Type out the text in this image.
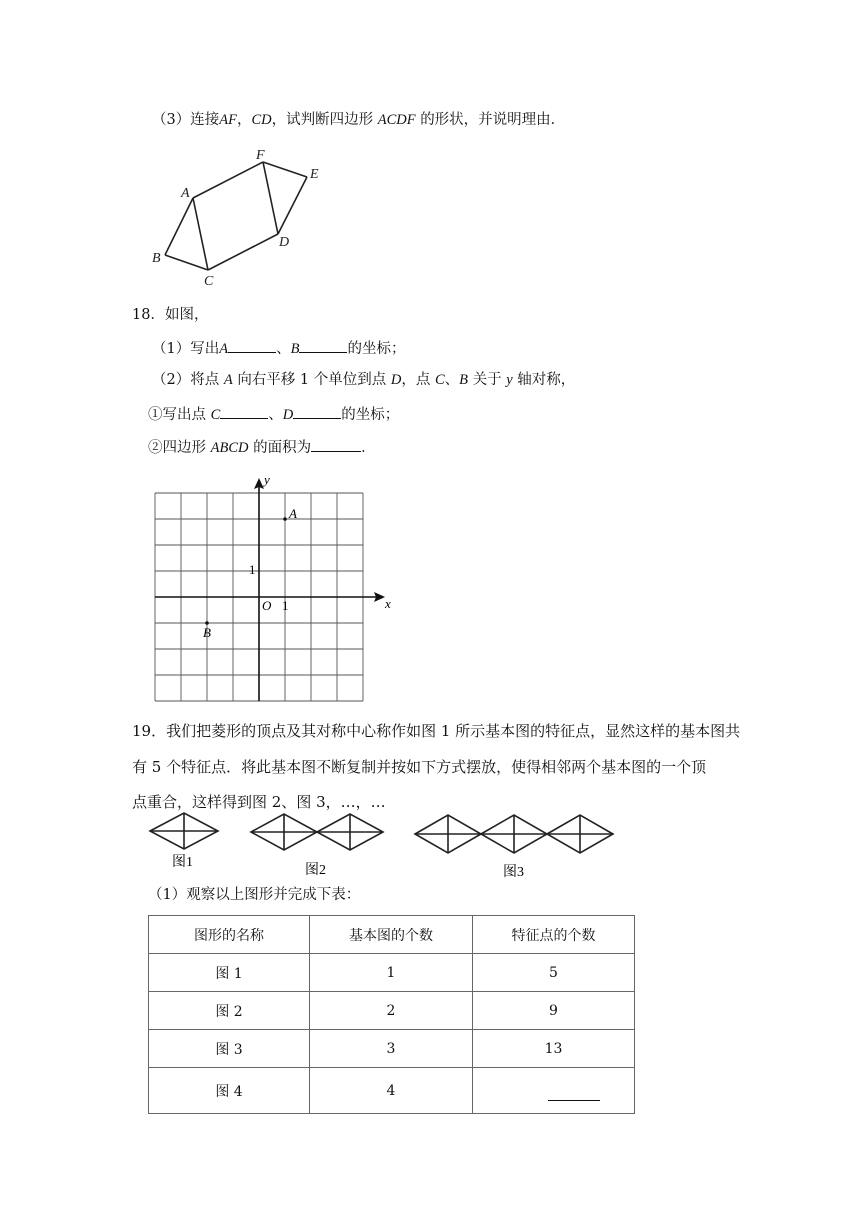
（3）连接AF，CD，试判断四边形 ACDF 的形状，并说明理由．
A
B
C
D
E
F
18．如图，
（1）写出A	、B	的坐标；
（2）将点 A 向右平移 1 个单位到点 D，点 C、B 关于 y 轴对称，
①写出点 C	、D	的坐标；
②四边形 ABCD 的面积为	．
x
y
O 1
1
A
B
19．我们把菱形的顶点及其对称中心称作如图 1 所示基本图的特征点，显然这样的基本图共
有 5 个特征点．将此基本图不断复制并按如下方式摆放，使得相邻两个基本图的一个顶
点重合，这样得到图 2、图 3，…，…
图1
图2	图3
（1）观察以上图形并完成下表：
图形的名称	基本图的个数	特征点的个数
图 1	1	5
图 2	2	9
图 3	3	13
图 4	4	
